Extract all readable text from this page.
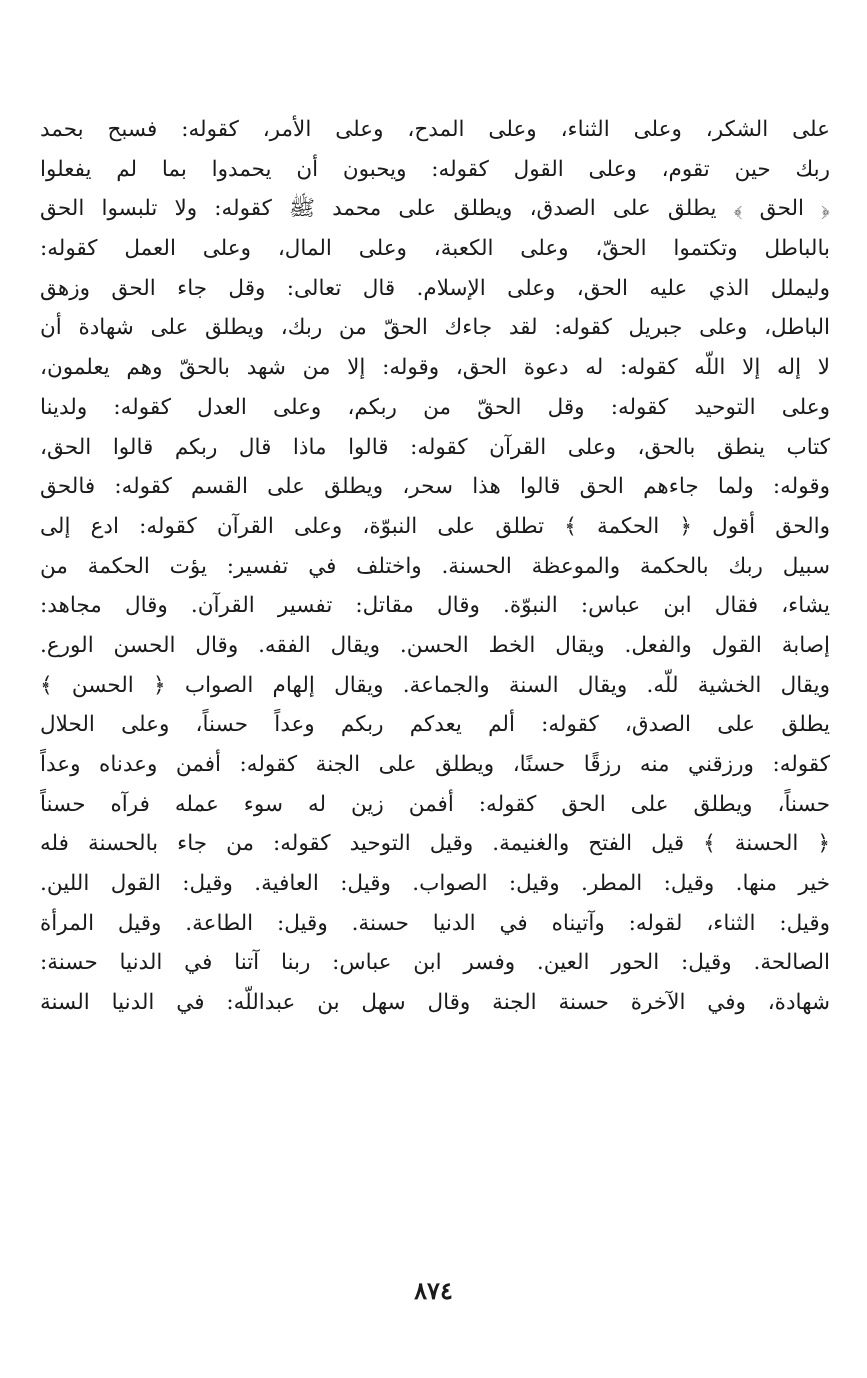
على الشكر، وعلى الثناء، وعلى المدح، وعلى الأمر، كقوله: فسبح بحمد
ربك حين تقوم، وعلى القول كقوله: ويحبون أن يحمدوا بما لم يفعلوا
﴿ الحق ﴾ يطلق على الصدق، ويطلق على محمد ﷺ كقوله: ولا تلبسوا الحق
بالباطل وتكتموا الحقّ، وعلى الكعبة، وعلى المال، وعلى العمل كقوله:
وليملل الذي عليه الحق، وعلى الإسلام. قال تعالى: وقل جاء الحق وزهق
الباطل، وعلى جبريل كقوله: لقد جاءك الحقّ من ربك، ويطلق على شهادة أن
لا إله إلا اللّه كقوله: له دعوة الحق، وقوله: إلا من شهد بالحقّ وهم يعلمون،
وعلى التوحيد كقوله: وقل الحقّ من ربكم، وعلى العدل كقوله: ولدينا
كتاب ينطق بالحق، وعلى القرآن كقوله: قالوا ماذا قال ربكم قالوا الحق،
وقوله: ولما جاءهم الحق قالوا هذا سحر، ويطلق على القسم كقوله: فالحق
والحق أقول ﴿ الحكمة ﴾ تطلق على النبوّة، وعلى القرآن كقوله: ادع إلى
سبيل ربك بالحكمة والموعظة الحسنة. واختلف في تفسير: يؤت الحكمة من
يشاء، فقال ابن عباس: النبوّة. وقال مقاتل: تفسير القرآن. وقال مجاهد:
إصابة القول والفعل. ويقال الخط الحسن. ويقال الفقه. وقال الحسن الورع.
ويقال الخشية للّه. ويقال السنة والجماعة. ويقال إلهام الصواب ﴿ الحسن ﴾
يطلق على الصدق، كقوله: ألم يعدكم ربكم وعداً حسناً، وعلى الحلال
كقوله: ورزقني منه رزقًا حسنًا، ويطلق على الجنة كقوله: أفمن وعدناه وعداً
حسناً، ويطلق على الحق كقوله: أفمن زين له سوء عمله فرآه حسناً
﴿ الحسنة ﴾ قيل الفتح والغنيمة. وقيل التوحيد كقوله: من جاء بالحسنة فله
خير منها. وقيل: المطر. وقيل: الصواب. وقيل: العافية. وقيل: القول اللين.
وقيل: الثناء، لقوله: وآتيناه في الدنيا حسنة. وقيل: الطاعة. وقيل المرأة
الصالحة. وقيل: الحور العين. وفسر ابن عباس: ربنا آتنا في الدنيا حسنة:
شهادة، وفي الآخرة حسنة الجنة وقال سهل بن عبداللّه: في الدنيا السنة
٨٧٤
